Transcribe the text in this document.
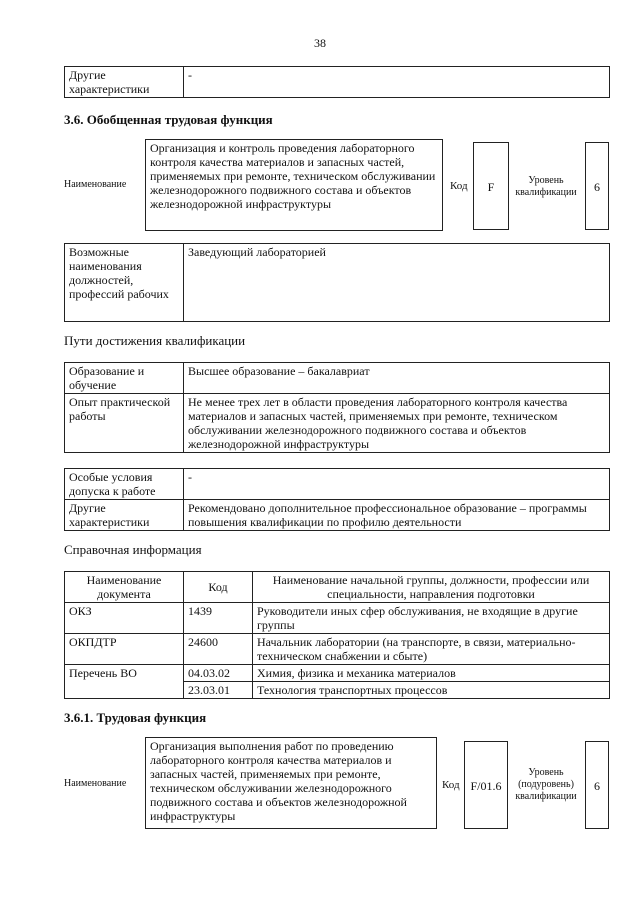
38
Другие характеристики	-
3.6. Обобщенная трудовая функция
Наименование
Организация и контроль проведения лабораторного контроля качества материалов и запасных частей, применяемых при ремонте, техническом обслуживании железнодорожного подвижного состава и объектов железнодорожной инфраструктуры
Код	F	Уровень квалификации	6
Возможные наименования должностей, профессий рабочих	Заведующий лабораторией
Пути достижения квалификации
Образование и обучение	Высшее образование – бакалавриат
Опыт практической работы	Не менее трех лет в области проведения лабораторного контроля качества материалов и запасных частей, применяемых при ремонте, техническом обслуживании железнодорожного подвижного состава и объектов железнодорожной инфраструктуры
Особые условия допуска к работе	-
Другие характеристики	Рекомендовано дополнительное профессиональное образование – программы повышения квалификации по профилю деятельности
Справочная информация
Наименование документа	Код	Наименование начальной группы, должности, профессии или специальности, направления подготовки
ОКЗ	1439	Руководители иных сфер обслуживания, не входящие в другие группы
ОКПДТР	24600	Начальник лаборатории (на транспорте, в связи, материально-техническом снабжении и сбыте)
Перечень ВО	04.03.02	Химия, физика и механика материалов
	23.03.01	Технология транспортных процессов
3.6.1. Трудовая функция
Наименование
Организация выполнения работ по проведению лабораторного контроля качества материалов и запасных частей, применяемых при ремонте, техническом обслуживании железнодорожного подвижного состава и объектов железнодорожной инфраструктуры
Код F/01.6
Уровень (подуровень) квалификации
6
